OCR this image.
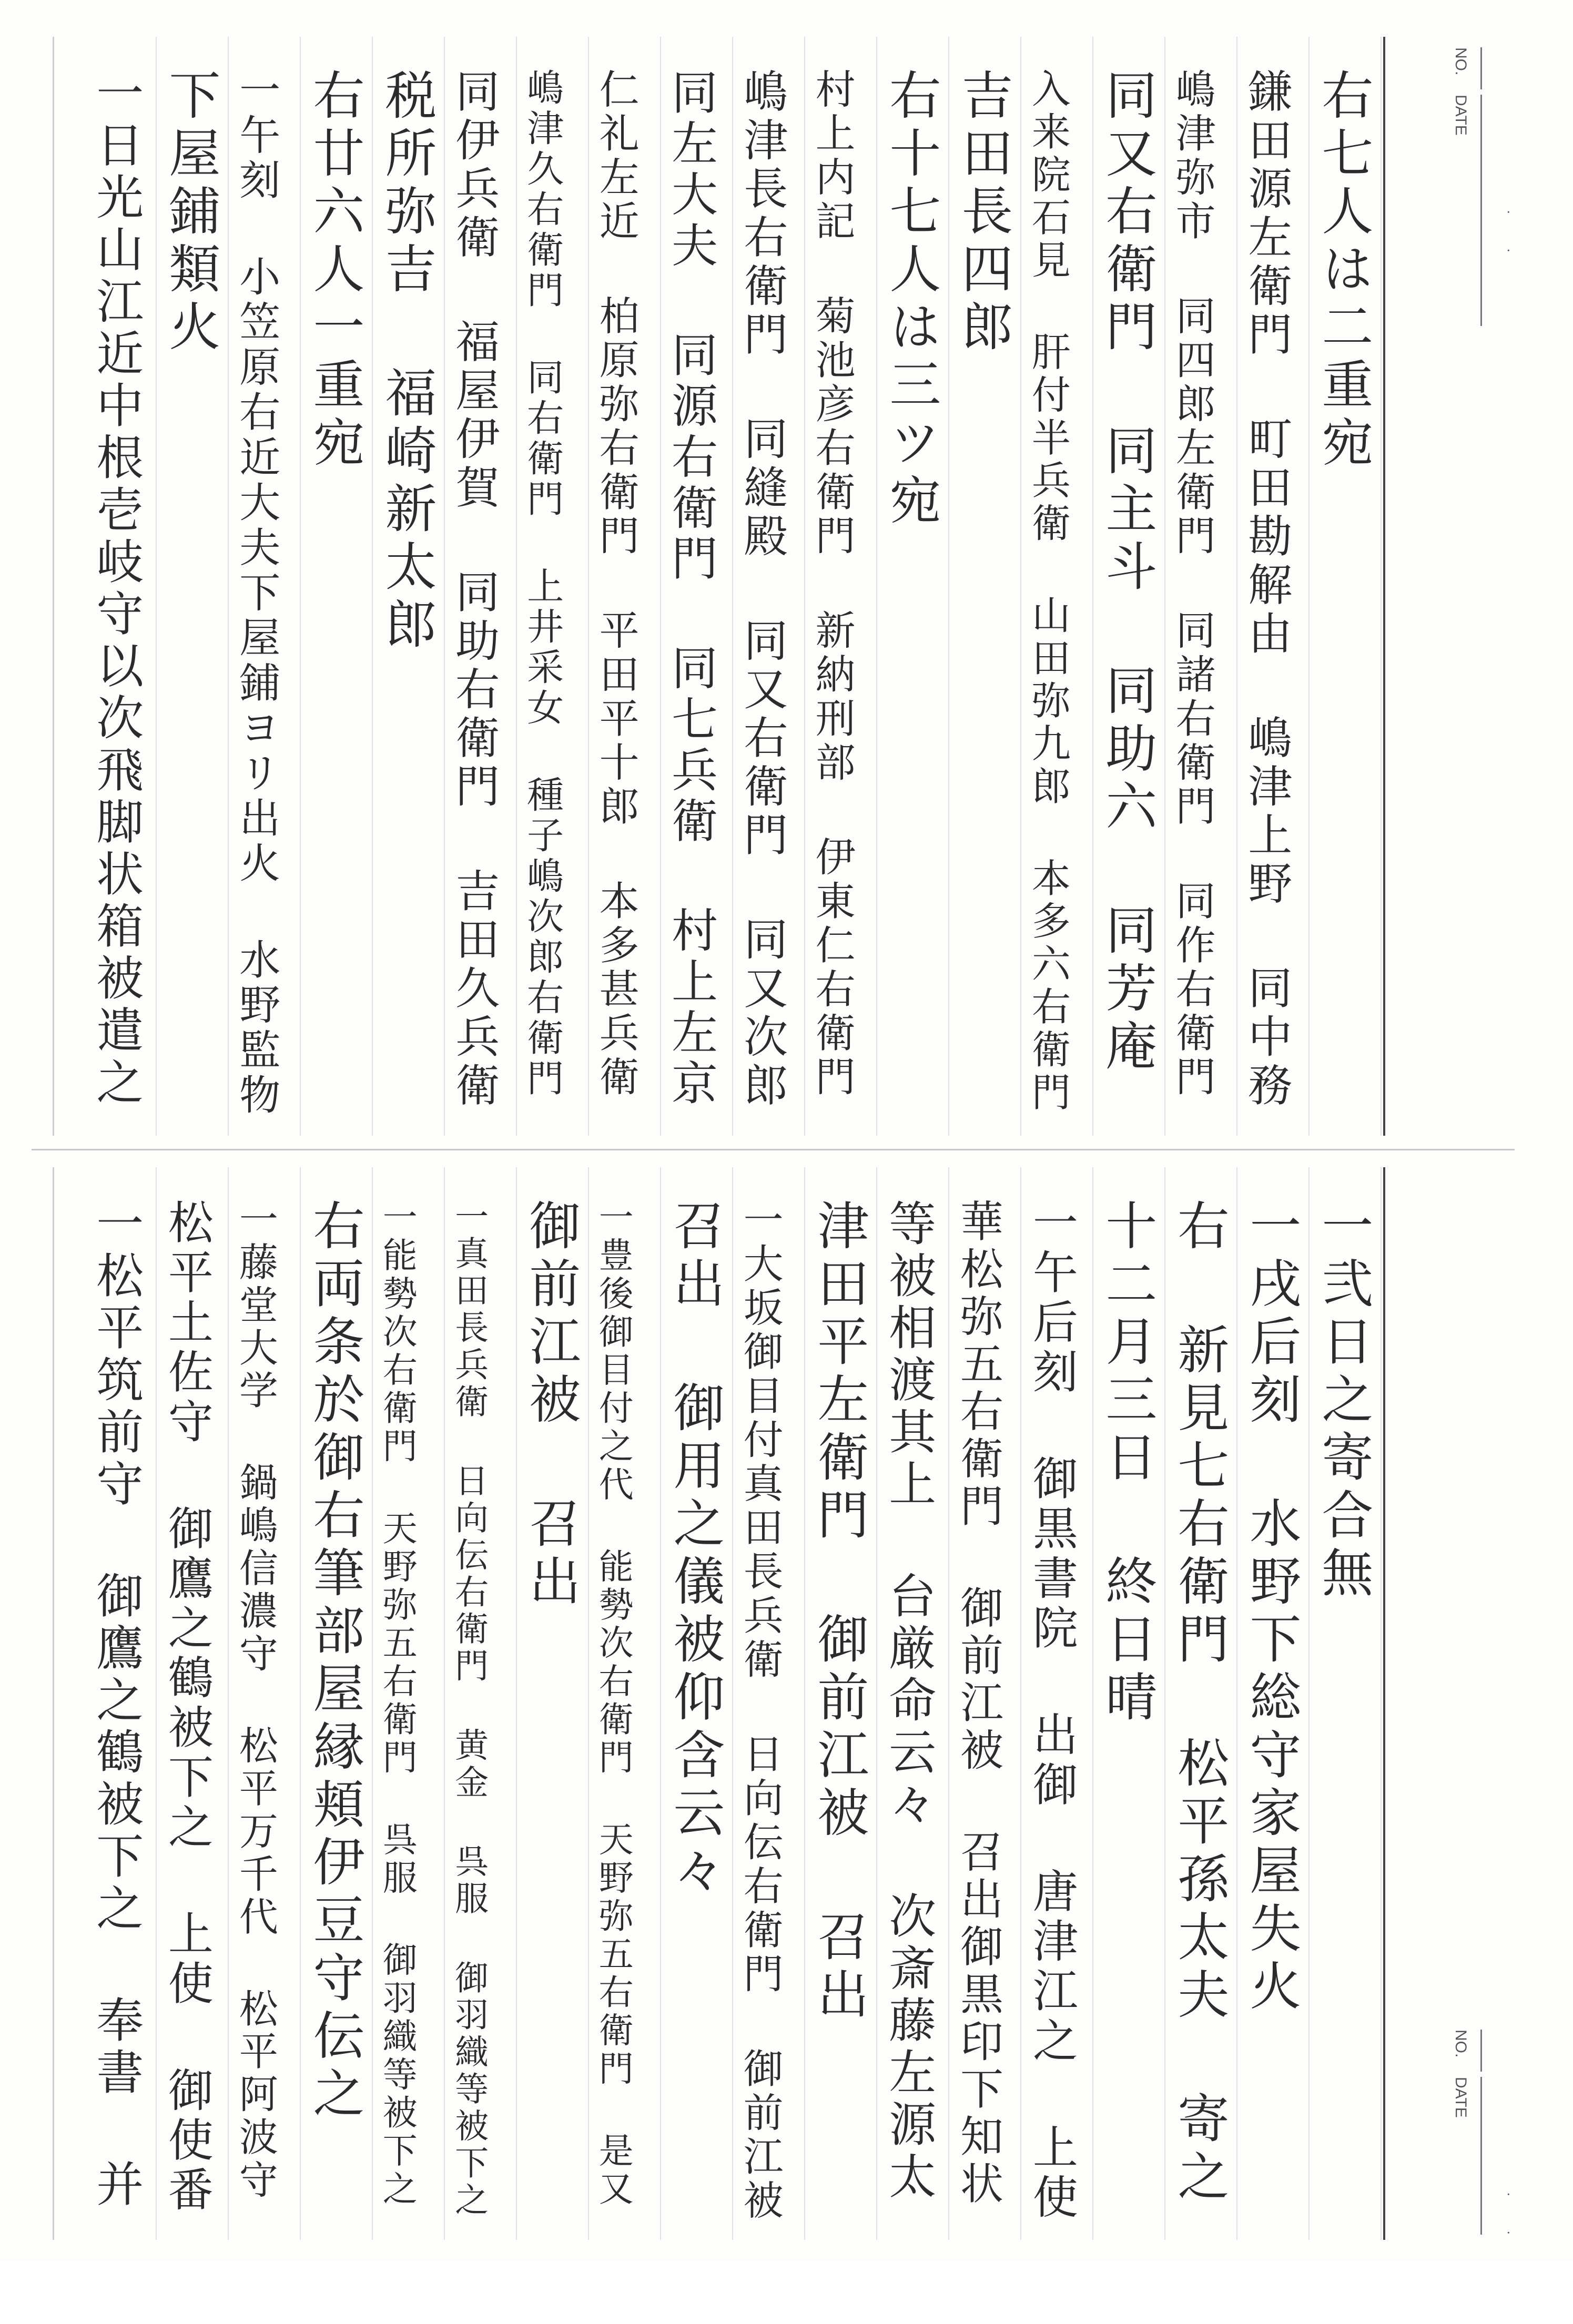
NO.
DATE
. .
右七人は二重宛
鎌田源左衛門 町田勘解由 嶋津上野 同中務
嶋津弥市 同四郎左衛門 同諸右衛門 同作右衛門
同又右衛門 同主斗 同助六 同芳庵
入来院石見 肝付半兵衛 山田弥九郎 本多六右衛門
吉田長四郎
右十七人は三ツ宛
村上内記 菊池彦右衛門 新納刑部 伊東仁右衛門
嶋津長右衛門 同縫殿 同又右衛門 同又次郎
同左大夫 同源右衛門 同七兵衛 村上左京
仁礼左近 柏原弥右衛門 平田平十郎 本多甚兵衛
嶋津久右衛門 同右衛門 上井采女 種子嶋次郎右衛門
同伊兵衛 福屋伊賀 同助右衛門 吉田久兵衛
税所弥吉 福崎新太郎
右廿六人一重宛
一午刻 小笠原右近大夫下屋鋪ヨリ出火 水野監物
下屋鋪類火
一日光山江近中根壱岐守以次飛脚状箱被遣之
NO.
DATE
. .
一弐日之寄合無
一戌后刻 水野下総守家屋失火
右 新見七右衛門 松平孫太夫 寄之
十二月三日 終日晴
一午后刻 御黒書院 出御 唐津江之 上使
華松弥五右衛門 御前江被 召出御黒印下知状
等被相渡其上 台厳命云々 次斎藤左源太
津田平左衛門 御前江被 召出
一大坂御目付真田長兵衛 日向伝右衛門 御前江被
召出 御用之儀被仰含云々
一豊後御目付之代 能勢次右衛門 天野弥五右衛門 是又
御前江被 召出
一真田長兵衛 日向伝右衛門 黄金 呉服 御羽織等被下之
一能勢次右衛門 天野弥五右衛門 呉服 御羽織等被下之
右両条於御右筆部屋縁頬伊豆守伝之
一藤堂大学 鍋嶋信濃守 松平万千代 松平阿波守
松平土佐守 御鷹之鶴被下之 上使 御使番
一松平筑前守 御鷹之鶴被下之 奉書 并
